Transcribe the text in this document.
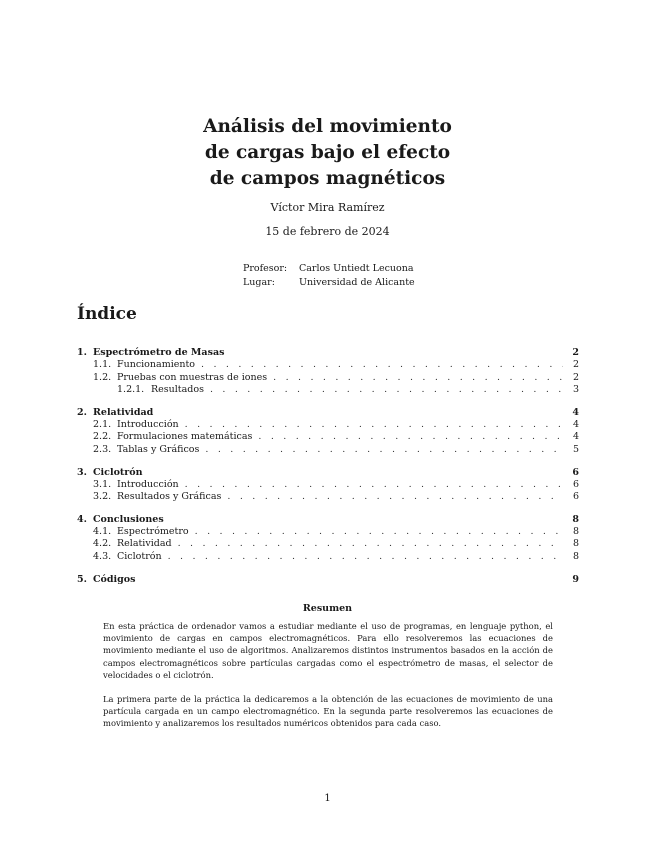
Análisis del movimiento
de cargas bajo el efecto
de campos magnéticos
Víctor Mira Ramírez
15 de febrero de 2024
Profesor:	Carlos Untiedt Lecuona
Lugar:	Universidad de Alicante
Índice
1. Espectrómetro de Masas	2
1.1. Funcionamiento . . .	2
1.2. Pruebas con muestras de iones . . .	2
1.2.1. Resultados . . .	3
2. Relatividad	4
2.1. Introducción . . .	4
2.2. Formulaciones matemáticas . . .	4
2.3. Tablas y Gráficos . . .	5
3. Ciclotrón	6
3.1. Introducción . . .	6
3.2. Resultados y Gráficas . . .	6
4. Conclusiones	8
4.1. Espectrómetro . . .	8
4.2. Relatividad . . .	8
4.3. Ciclotrón . . .	8
5. Códigos	9
Resumen

En esta práctica de ordenador vamos a estudiar mediante el uso de programas, en lenguaje python, el movimiento de cargas en campos electromagnéticos. Para ello resolveremos las ecuaciones de movimiento mediante el uso de algoritmos. Analizaremos distintos instrumentos basados en la acción de campos electromagnéticos sobre partículas cargadas como el espectrómetro de masas, el selector de velocidades o el ciclotrón.

La primera parte de la práctica la dedicaremos a la obtención de las ecuaciones de movimiento de una partícula cargada en un campo electromagnético. En la segunda parte resolveremos las ecuaciones de movimiento y analizaremos los resultados numéricos obtenidos para cada caso.

1
